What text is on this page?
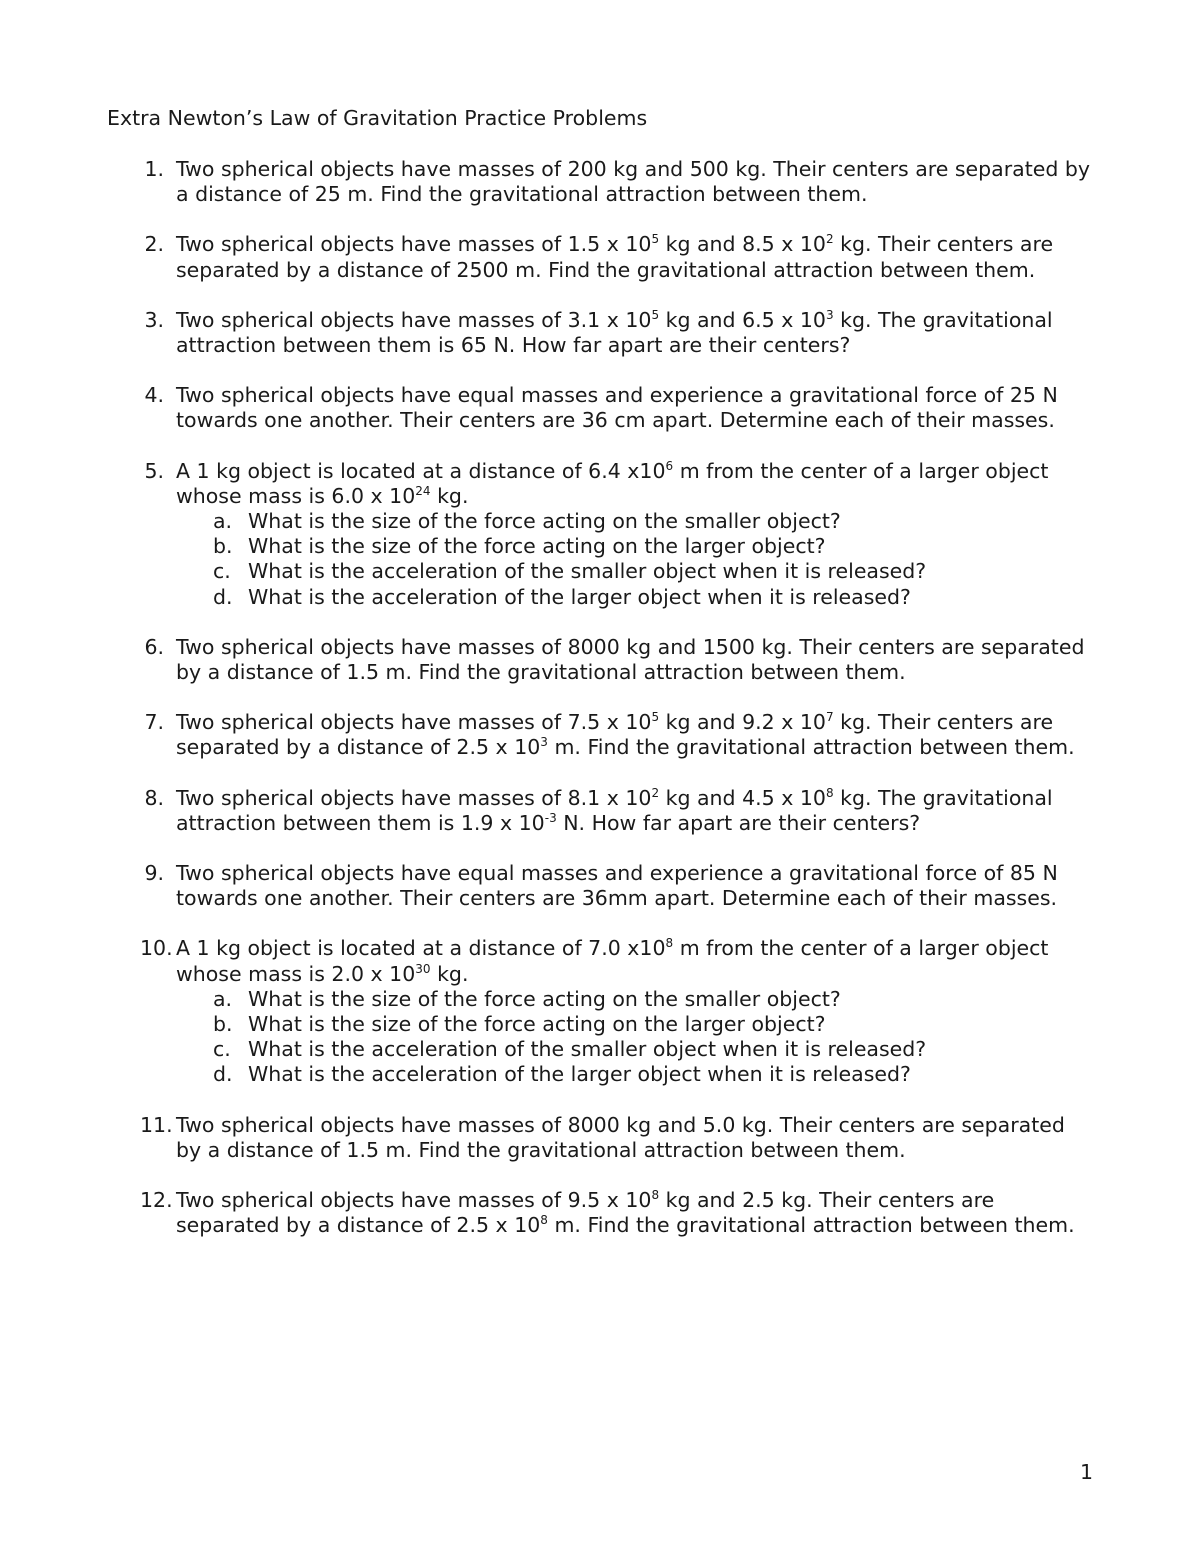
Extra Newton’s Law of Gravitation Practice Problems
1. Two spherical objects have masses of 200 kg and 500 kg. Their centers are separated by a distance of 25 m. Find the gravitational attraction between them.
2. Two spherical objects have masses of 1.5 x $10^5$ kg and 8.5 x $10^2$ kg. Their centers are separated by a distance of 2500 m. Find the gravitational attraction between them.
3. Two spherical objects have masses of 3.1 x $10^5$ kg and 6.5 x $10^3$ kg. The gravitational attraction between them is 65 N. How far apart are their centers?
4. Two spherical objects have equal masses and experience a gravitational force of 25 N towards one another. Their centers are 36 cm apart. Determine each of their masses.
5. A 1 kg object is located at a distance of 6.4 $x10^6$ m from the center of a larger object whose mass is 6.0 x $10^{24}$ kg.
a. What is the size of the force acting on the smaller object?
b. What is the size of the force acting on the larger object?
c. What is the acceleration of the smaller object when it is released?
d. What is the acceleration of the larger object when it is released?
6. Two spherical objects have masses of 8000 kg and 1500 kg. Their centers are separated by a distance of 1.5 m. Find the gravitational attraction between them.
7. Two spherical objects have masses of 7.5 x $10^5$ kg and 9.2 x $10^7$ kg. Their centers are separated by a distance of 2.5 x $10^3$ m. Find the gravitational attraction between them.
8. Two spherical objects have masses of 8.1 x $10^2$ kg and 4.5 x $10^8$ kg. The gravitational attraction between them is 1.9 x $10^{-3}$ N. How far apart are their centers?
9. Two spherical objects have equal masses and experience a gravitational force of 85 N towards one another. Their centers are 36mm apart. Determine each of their masses.
10. A 1 kg object is located at a distance of 7.0 $x10^8$ m from the center of a larger object whose mass is 2.0 x $10^{30}$ kg.
a. What is the size of the force acting on the smaller object?
b. What is the size of the force acting on the larger object?
c. What is the acceleration of the smaller object when it is released?
d. What is the acceleration of the larger object when it is released?
11. Two spherical objects have masses of 8000 kg and 5.0 kg. Their centers are separated by a distance of 1.5 m. Find the gravitational attraction between them.
12. Two spherical objects have masses of 9.5 x $10^8$ kg and 2.5 kg. Their centers are separated by a distance of 2.5 x $10^8$ m. Find the gravitational attraction between them.
1
